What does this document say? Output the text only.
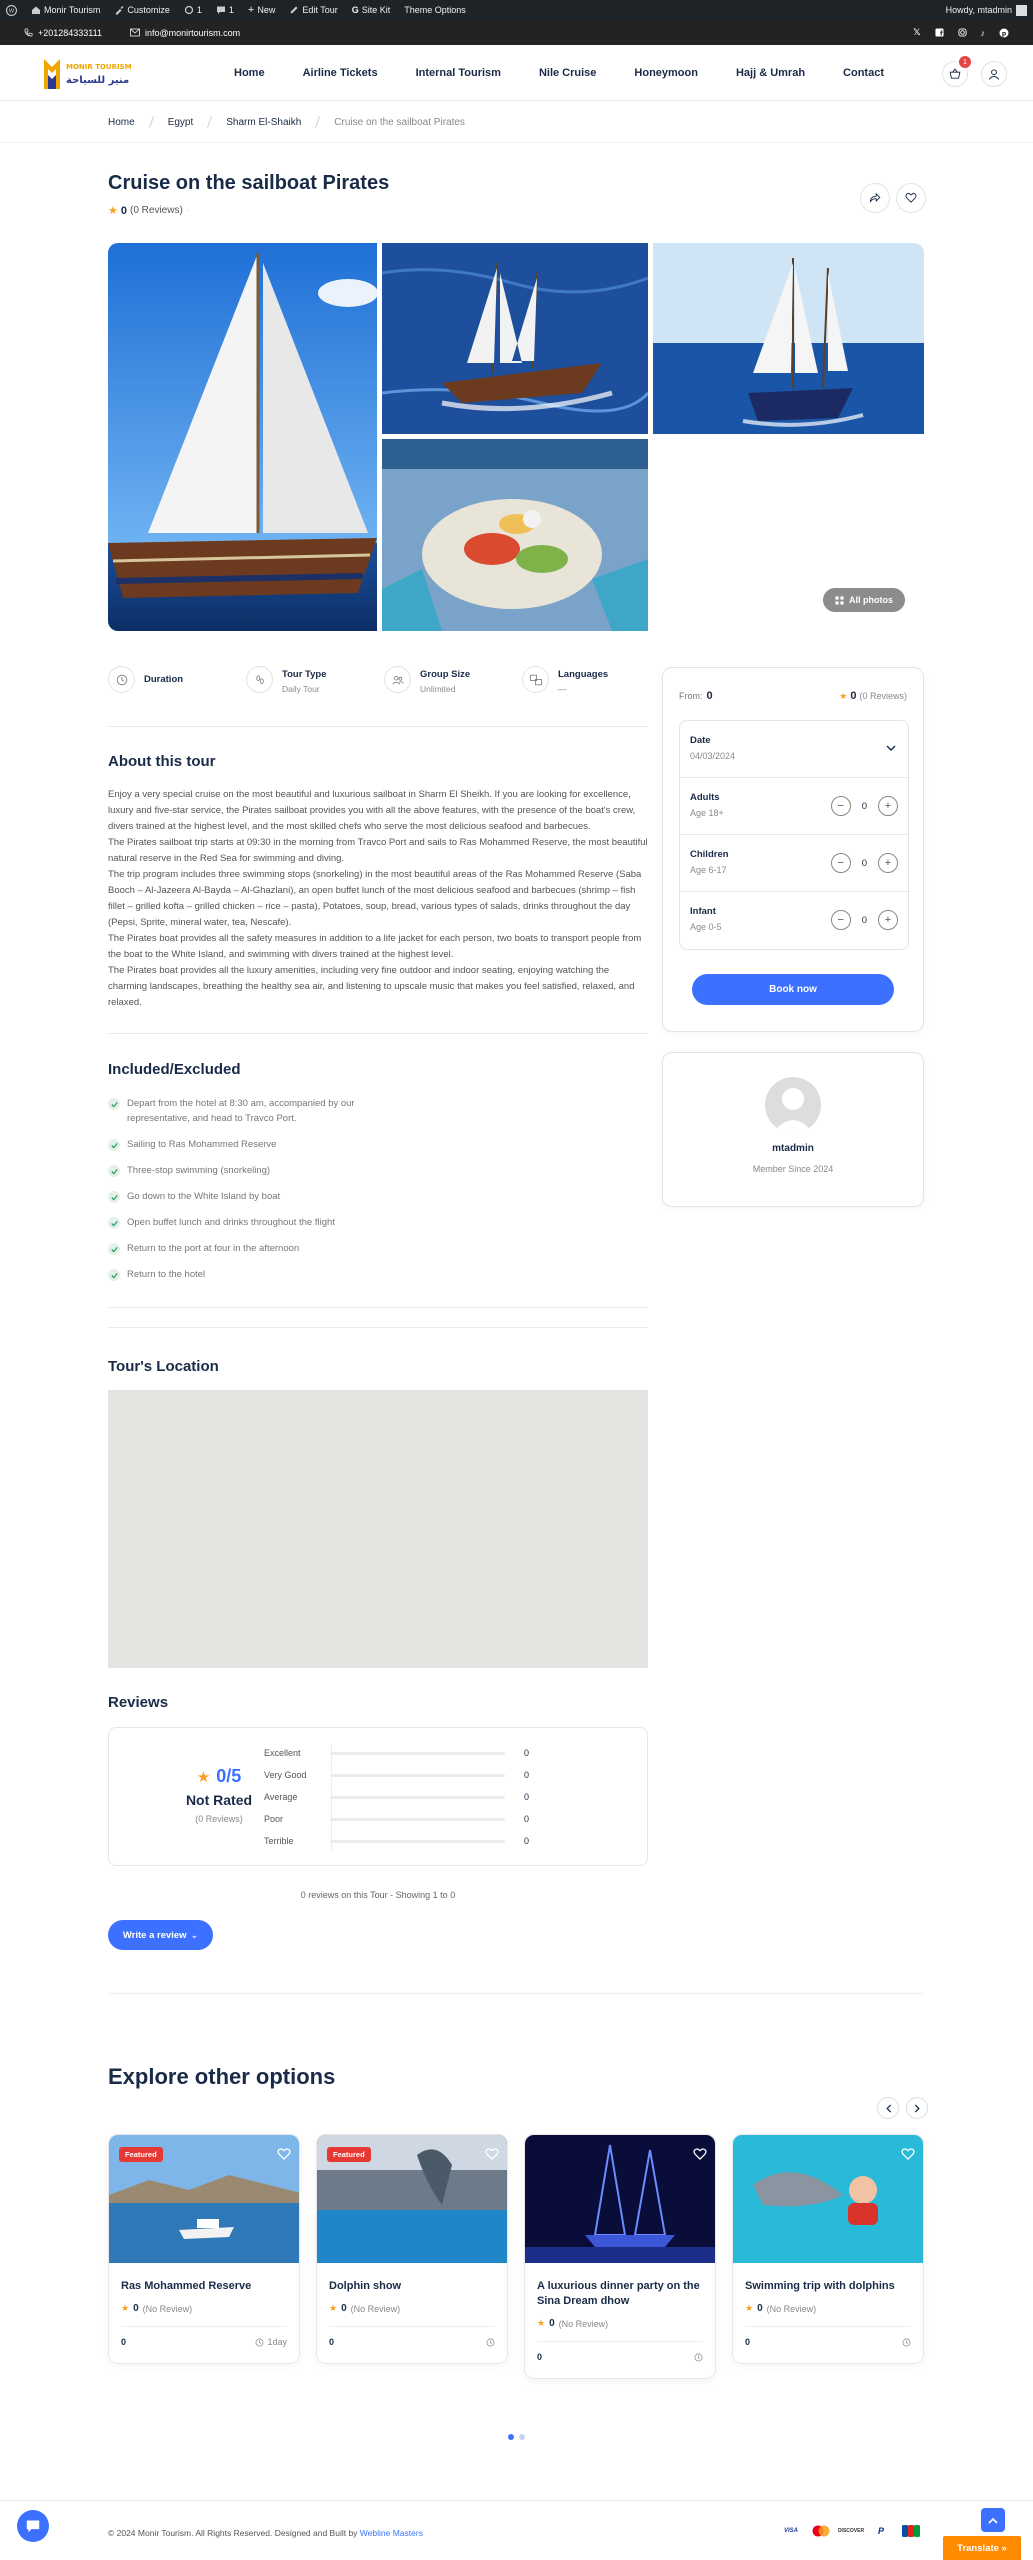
W	Monir Tourism	Customize	1	1 + New	Edit Tour G Site Kit Theme Options	Howdy, mtadmin
+201284333111	info@monirtourism.com	𝕏 f	♪ p
MONIR TOURISM
منير للسياحة
Home	Airline Tickets	Internal Tourism	Nile Cruise	Honeymoon	Hajj & Umrah	Contact
1
Home	Egypt	Sharm El-Shaikh	Cruise on the sailboat Pirates
Cruise on the sailboat Pirates
★ 0 (0 Reviews) ·
All photos
Duration	Tour Type
Daily Tour
Group Size
Unlimited
Languages
—
About this tour

Enjoy a very special cruise on the most beautiful and luxurious sailboat in Sharm El Sheikh. If you are looking for excellence, luxury and five-star service, the Pirates sailboat provides you with all the above features, with the presence of the boat's crew, divers trained at the highest level, and the most skilled chefs who serve the most delicious seafood and barbecues.

The Pirates sailboat trip starts at 09:30 in the morning from Travco Port and sails to Ras Mohammed Reserve, the most beautiful natural reserve in the Red Sea for swimming and diving.

The trip program includes three swimming stops (snorkeling) in the most beautiful areas of the Ras Mohammed Reserve (Saba Booch – Al-Jazeera Al-Bayda – Al-Ghazlani), an open buffet lunch of the most delicious seafood and barbecues (shrimp – fish fillet – grilled kofta – grilled chicken – rice – pasta), Potatoes, soup, bread, various types of salads, drinks throughout the day (Pepsi, Sprite, mineral water, tea, Nescafe).

The Pirates boat provides all the safety measures in addition to a life jacket for each person, two boats to transport people from the boat to the White Island, and swimming with divers trained at the highest level.

The Pirates boat provides all the luxury amenities, including very fine outdoor and indoor seating, enjoying watching the charming landscapes, breathing the healthy sea air, and listening to upscale music that makes you feel satisfied, relaxed, and relaxed.

Included/Excluded
Depart from the hotel at 8:30 am, accompanied by our representative, and head to Travco Port.
Sailing to Ras Mohammed Reserve
Three-stop swimming (snorkeling)
Go down to the White Island by boat
Open buffet lunch and drinks throughout the flight
Return to the port at four in the afternoon
Return to the hotel
Tour's Location
Reviews
★ 0/5
Not Rated
(0 Reviews)
Excellent	0
Very Good	0
Average	0
Poor	0
Terrible	0
0 reviews on this Tour - Showing 1 to 0
Write a review ⌄
From: 0	★ 0 (0 Reviews)
Date
04/03/2024
Adults
Age 18+
−	0	+
Children
Age 6-17
−	0	+
Infant
Age 0-5
−	0	+
Book now
mtadmin
Member Since 2024
Explore other options
Featured
Ras Mohammed Reserve
★ 0 (No Review)
0	1day
Featured
Dolphin show
★ 0 (No Review)
0
A luxurious dinner party on the Sina Dream dhow
★ 0 (No Review)
0
Swimming trip with dolphins
★ 0 (No Review)
0
© 2024 Monir Tourism. All Rights Reserved. Designed and Built by Webline Masters	VISA	DISCOVER	P
Translate »
